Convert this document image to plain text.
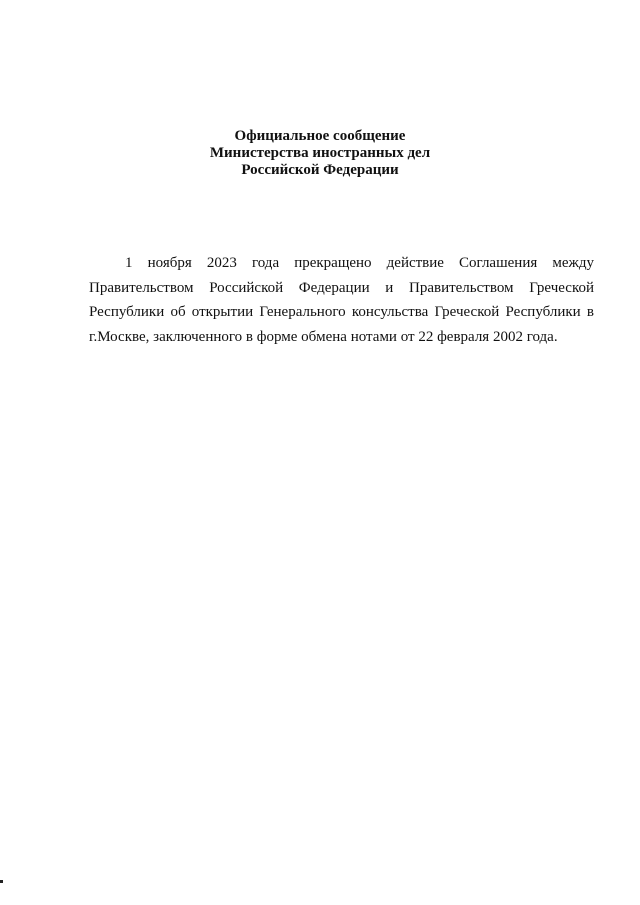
Официальное сообщение
Министерства иностранных дел
Российской Федерации

1 ноября 2023 года прекращено действие Соглашения между Правительством Российской Федерации и Правительством Греческой Республики об открытии Генерального консульства Греческой Республики в г.Москве, заключенного в форме обмена нотами от 22 февраля 2002 года.
